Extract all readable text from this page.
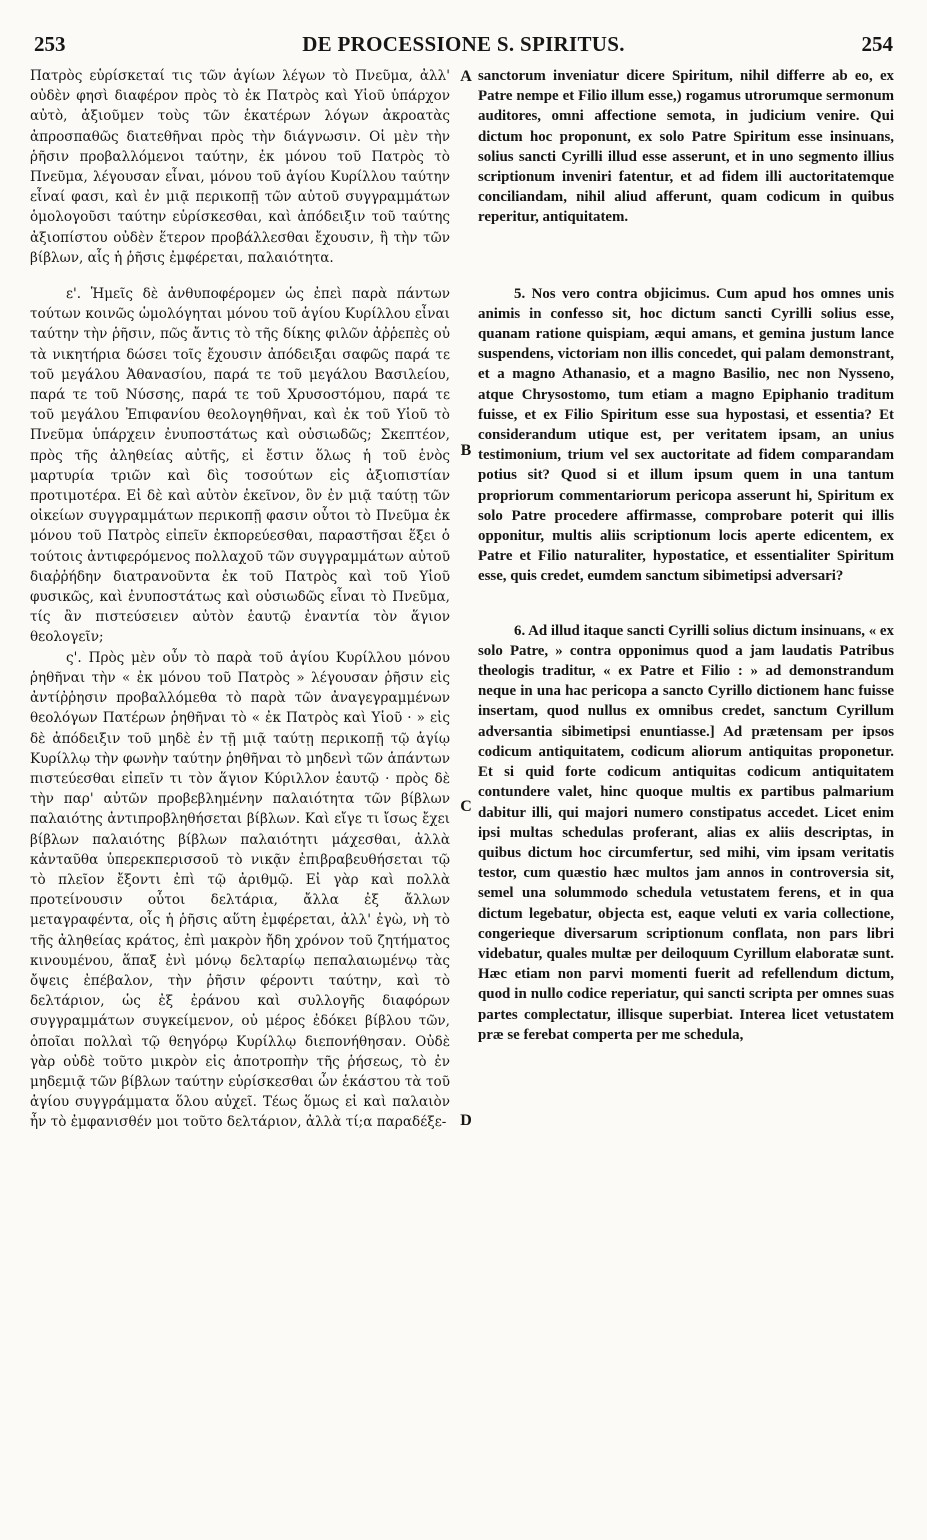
253	DE PROCESSIONE S. SPIRITUS.	254

Πατρὸς εὑρίσκεταί τις τῶν ἁγίων λέγων τὸ Πνεῦμα, ἀλλ' οὐδὲν φησὶ διαφέρον πρὸς τὸ ἐκ Πατρὸς καὶ Υἱοῦ ὑπάρχον αὐτὸ, ἀξιοῦμεν τοὺς τῶν ἑκατέρων λόγων ἀκροατὰς ἀπροσπαθῶς διατεθῆναι πρὸς τὴν διάγνωσιν. Οἱ μὲν τὴν ῥῆσιν προβαλλόμενοι ταύτην, ἐκ μόνου τοῦ Πατρὸς τὸ Πνεῦμα, λέγουσαν εἶναι, μόνου τοῦ ἁγίου Κυρίλλου ταύτην εἶναί φασι, καὶ ἐν μιᾷ περικοπῇ τῶν αὐτοῦ συγγραμμάτων ὁμολογοῦσι ταύτην εὑρίσκεσθαι, καὶ ἀπόδειξιν τοῦ ταύτης ἀξιοπίστου οὐδὲν ἕτερον προβάλλεσθαι ἔχουσιν, ἢ τὴν τῶν βίβλων, αἷς ἡ ῥῆσις ἐμφέρεται, παλαιότητα.

ε'. Ἡμεῖς δὲ ἀνθυποφέρομεν ὡς ἐπεὶ παρὰ πάντων τούτων κοινῶς ὡμολόγηται μόνου τοῦ ἁγίου Κυρίλλου εἶναι ταύτην τὴν ῥῆσιν, πῶς ἄντις τὸ τῆς δίκης φιλῶν ἀῤῥεπὲς οὐ τὰ νικητήρια δώσει τοῖς ἔχουσιν ἀπόδειξαι σαφῶς παρά τε τοῦ μεγάλου Ἀθανασίου, παρά τε τοῦ μεγάλου Βασιλείου, παρά τε τοῦ Νύσσης, παρά τε τοῦ Χρυσοστόμου, παρά τε τοῦ μεγάλου Ἐπιφανίου θεολογηθῆναι, καὶ ἐκ τοῦ Υἱοῦ τὸ Πνεῦμα ὑπάρχειν ἐνυποστάτως καὶ οὐσιωδῶς; Σκεπτέον, πρὸς τῆς ἀληθείας αὐτῆς, εἰ ἔστιν ὅλως ἡ τοῦ ἑνὸς μαρτυρία τριῶν καὶ δὶς τοσούτων εἰς ἀξιοπιστίαν προτιμοτέρα. Εἰ δὲ καὶ αὐτὸν ἐκεῖνον, ὃν ἐν μιᾷ ταύτῃ τῶν οἰκείων συγγραμμάτων περικοπῇ φασιν οὗτοι τὸ Πνεῦμα ἐκ μόνου τοῦ Πατρὸς εἰπεῖν ἐκπορεύεσθαι, παραστῆσαι ἕξει ὁ τούτοις ἀντιφερόμενος πολλαχοῦ τῶν συγγραμμάτων αὐτοῦ διαῤῥήδην διατρανοῦντα ἐκ τοῦ Πατρὸς καὶ τοῦ Υἱοῦ φυσικῶς, καὶ ἐνυποστάτως καὶ οὐσιωδῶς εἶναι τὸ Πνεῦμα, τίς ἂν πιστεύσειεν αὐτὸν ἑαυτῷ ἐναντία τὸν ἅγιον θεολογεῖν;

ς'. Πρὸς μὲν οὖν τὸ παρὰ τοῦ ἁγίου Κυρίλλου μόνου ῥηθῆναι τὴν « ἐκ μόνου τοῦ Πατρὸς » λέγουσαν ῥῆσιν εἰς ἀντίῤῥησιν προβαλλόμεθα τὸ παρὰ τῶν ἀναγεγραμμένων θεολόγων Πατέρων ῥηθῆναι τὸ « ἐκ Πατρὸς καὶ Υἱοῦ · » εἰς δὲ ἀπόδειξιν τοῦ μηδὲ ἐν τῇ μιᾷ ταύτῃ περικοπῇ τῷ ἁγίῳ Κυρίλλῳ τὴν φωνὴν ταύτην ῥηθῆναι τὸ μηδενὶ τῶν ἁπάντων πιστεύεσθαι εἰπεῖν τι τὸν ἅγιον Κύριλλον ἑαυτῷ · πρὸς δὲ τὴν παρ' αὐτῶν προβεβλημένην παλαιότητα τῶν βίβλων παλαιότης ἀντιπροβληθήσεται βίβλων. Καὶ εἴγε τι ἴσως ἔχει βίβλων παλαιότης βίβλων παλαιότητι μάχεσθαι, ἀλλὰ κἀνταῦθα ὑπερεκπερισσοῦ τὸ νικᾷν ἐπιβραβευθήσεται τῷ τὸ πλεῖον ἔξοντι ἐπὶ τῷ ἀριθμῷ. Εἰ γὰρ καὶ πολλὰ προτείνουσιν οὗτοι δελτάρια, ἄλλα ἐξ ἄλλων μεταγραφέντα, οἷς ἡ ῥῆσις αὕτη ἐμφέρεται, ἀλλ' ἐγὼ, νὴ τὸ τῆς ἀληθείας κράτος, ἐπὶ μακρὸν ἤδη χρόνον τοῦ ζητήματος κινουμένου, ἅπαξ ἐνὶ μόνῳ δελταρίῳ πεπαλαιωμένῳ τὰς ὄψεις ἐπέβαλον, τὴν ῥῆσιν φέροντι ταύτην, καὶ τὸ δελτάριον, ὡς ἐξ ἐράνου καὶ συλλογῆς διαφόρων συγγραμμάτων συγκείμενον, οὐ μέρος ἐδόκει βίβλου τῶν, ὁποῖαι πολλαὶ τῷ θεηγόρῳ Κυρίλλῳ διεπονήθησαν. Οὐδὲ γὰρ οὐδὲ τοῦτο μικρὸν εἰς ἀποτροπὴν τῆς ῥήσεως, τὸ ἐν μηδεμιᾷ τῶν βίβλων ταύτην εὑρίσκεσθαι ὧν ἑκάστου τὰ τοῦ ἁγίου συγγράμματα ὅλου αὐχεῖ. Τέως ὅμως εἰ καὶ παλαιὸν ἦν τὸ ἐμφανισθέν μοι τοῦτο δελτάριον, ἀλλὰ τί;α παραδέξε-

A
B
C
D

sanctorum inveniatur dicere Spiritum, nihil differre ab eo, ex Patre nempe et Filio illum esse,) rogamus utrorumque sermonum auditores, omni affectione semota, in judicium venire. Qui dictum hoc proponunt, ex solo Patre Spiritum esse insinuans, solius sancti Cyrilli illud esse asserunt, et in uno segmento illius scriptionum inveniri fatentur, et ad fidem illi auctoritatemque conciliandam, nihil aliud afferunt, quam codicum in quibus reperitur, antiquitatem.

5. Nos vero contra objicimus. Cum apud hos omnes unis animis in confesso sit, hoc dictum sancti Cyrilli solius esse, quanam ratione quispiam, æqui amans, et gemina justum lance suspendens, victoriam non illis concedet, qui palam demonstrant, et a magno Athanasio, et a magno Basilio, nec non Nysseno, atque Chrysostomo, tum etiam a magno Epiphanio traditum fuisse, et ex Filio Spiritum esse sua hypostasi, et essentia? Et considerandum utique est, per veritatem ipsam, an unius testimonium, trium vel sex auctoritate ad fidem comparandam potius sit? Quod si et illum ipsum quem in una tantum propriorum commentariorum pericopa asserunt hi, Spiritum ex solo Patre procedere affirmasse, comprobare poterit qui illis opponitur, multis aliis scriptionum locis aperte edicentem, ex Patre et Filio naturaliter, hypostatice, et essentialiter Spiritum esse, quis credet, eumdem sanctum sibimetipsi adversari?

6. Ad illud itaque sancti Cyrilli solius dictum insinuans, « ex solo Patre, » contra opponimus quod a jam laudatis Patribus theologis traditur, « ex Patre et Filio : » ad demonstrandum neque in una hac pericopa a sancto Cyrillo dictionem hanc fuisse insertam, quod nullus ex omnibus credet, sanctum Cyrillum adversantia sibimetipsi enuntiasse.] Ad prætensam per ipsos codicum antiquitatem, codicum aliorum antiquitas proponetur. Et si quid forte codicum antiquitas codicum antiquitatem contundere valet, hinc quoque multis ex partibus palmarium dabitur illi, qui majori numero constipatus accedet. Licet enim ipsi multas schedulas proferant, alias ex aliis descriptas, in quibus dictum hoc circumfertur, sed mihi, vim ipsam veritatis testor, cum quæstio hæc multos jam annos in controversia sit, semel una solummodo schedula vetustatem ferens, et in qua dictum legebatur, objecta est, eaque veluti ex varia collectione, congerieque diversarum scriptionum conflata, non pars libri videbatur, quales multæ per deiloquum Cyrillum elaboratæ sunt. Hæc etiam non parvi momenti fuerit ad refellendum dictum, quod in nullo codice reperiatur, qui sancti scripta per omnes suas partes complectatur, illisque superbiat. Interea licet vetustatem præ se ferebat comperta per me schedula,
